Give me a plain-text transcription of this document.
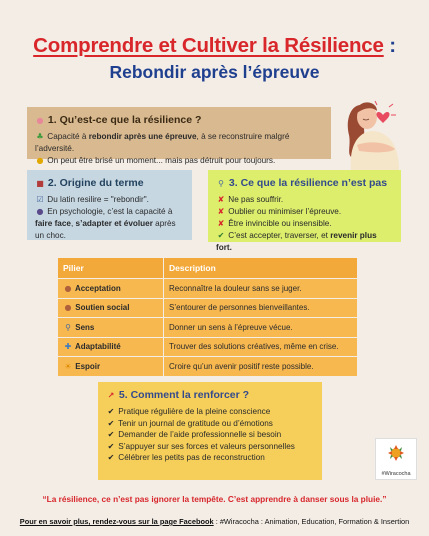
Comprendre et Cultiver la Résilience :
Rebondir après l’épreuve
● 1. Qu’est-ce que la résilience ?
♣ Capacité à rebondir après une épreuve, à se reconstruire malgré l’adversité.
● On peut être brisé un moment... mais pas détruit pour toujours.
■ 2. Origine du terme
☑ Du latin resilire = "rebondir".
● En psychologie, c’est la capacité à faire face, s’adapter et évoluer après un choc.
⚲ 3. Ce que la résilience n’est pas
✘ Ne pas souffrir.
✘ Oublier ou minimiser l’épreuve.
✘ Être invincible ou insensible.
✔ C’est accepter, traverser, et revenir plus fort.
Pilier	Description
● Acceptation	Reconnaître la douleur sans se juger.
● Soutien social	S’entourer de personnes bienveillantes.
⚲ Sens	Donner un sens à l’épreuve vécue.
✚ Adaptabilité	Trouver des solutions créatives, même en crise.
☀ Espoir	Croire qu’un avenir positif reste possible.
↗ 5. Comment la renforcer ?
✔ Pratique régulière de la pleine conscience
✔ Tenir un journal de gratitude ou d’émotions
✔ Demander de l’aide professionnelle si besoin
✔ S’appuyer sur ses forces et valeurs personnelles
✔ Célébrer les petits pas de reconstruction
#Wiracocha
“La résilience, ce n’est pas ignorer la tempête. C’est apprendre à danser sous la pluie.”
Pour en savoir plus, rendez-vous sur la page Facebook : #Wiracocha : Animation, Education, Formation & Insertion
